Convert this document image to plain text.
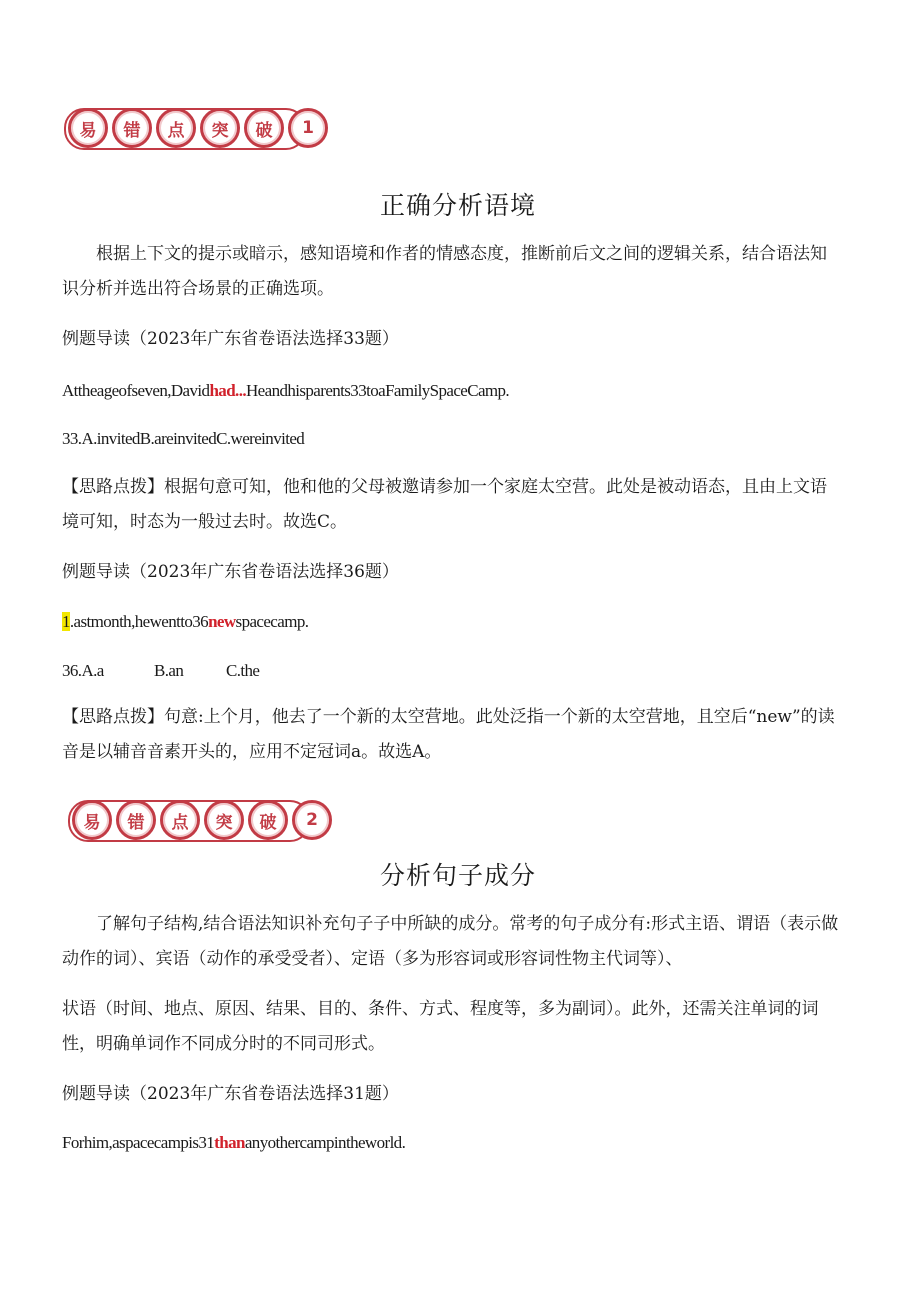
易	错	点	突	破	1
正确分析语境
根据上下文的提示或暗示，感知语境和作者的情感态度，推断前后文之间的逻辑关系，结合语法知识分析并选出符合场景的正确选项。
例题导读（2023年广东省卷语法选择33题）
Attheageofseven,Davidhad...Heandhisparents33toaFamilySpaceCamp.
33.A.invitedB.areinvitedC.wereinvited
【思路点拨】根据句意可知，他和他的父母被邀请参加一个家庭太空营。此处是被动语态，且由上文语境可知，时态为一般过去时。故选C。
例题导读（2023年广东省卷语法选择36题）
1.astmonth,hewentto36newspacecamp.
36.A.a	B.an	C.the
【思路点拨】句意:上个月，他去了一个新的太空营地。此处泛指一个新的太空营地，且空后“new”的读音是以辅音音素开头的，应用不定冠词a。故选A。
易	错	点	突	破	2
分析句子成分
了解句子结构,结合语法知识补充句子子中所缺的成分。常考的句子成分有:形式主语、谓语（表示做动作的词）、宾语（动作的承受受者）、定语（多为形容词或形容词性物主代词等）、
状语（时间、地点、原因、结果、目的、条件、方式、程度等，多为副词）。此外，还需关注单词的词性，明确单词作不同成分时的不同司形式。
例题导读（2023年广东省卷语法选择31题）
Forhim,aspacecampis31thananyothercampintheworld.
